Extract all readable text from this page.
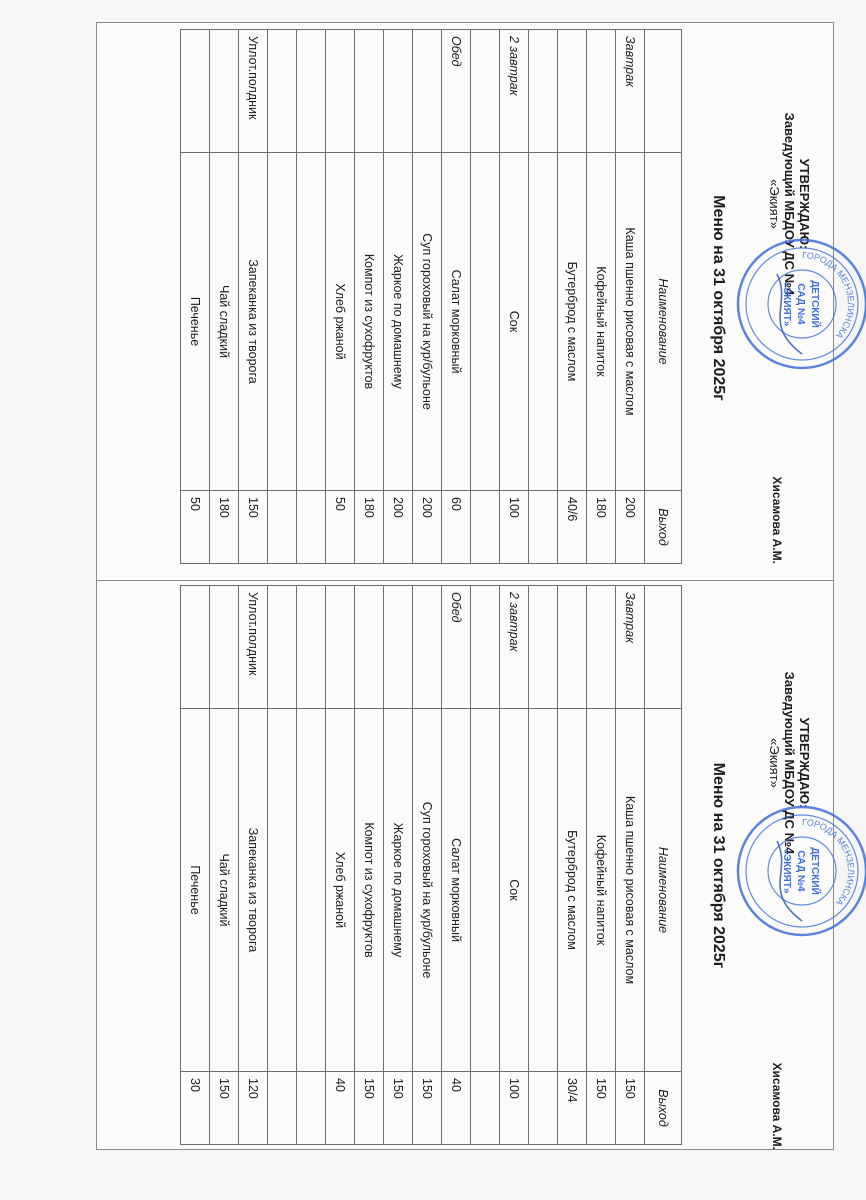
УТВЕРЖДАЮ:
Заведующий МБДОУ ДС №4
«Экият»
Хисамова А.М.
ГОРОДА МЕНЗЕЛИНСКА
ДЕТСКИЙ
САД №4
«ЭКИЯТ»
Меню на 31 октября 2025г
	Наименование	Выход
Завтрак	Каша пшенно рисовая с маслом	200
	Кофейный напиток	180
	Бутерброд с маслом	40/6

2 завтрак	Сок	100

Обед	Салат морковный	60
	Суп гороховый на кур/бульоне	200
	Жаркое по домашнему	200
	Компот из сухофруктов	180
	Хлеб ржаной	50

Уплот.полдник	Запеканка из творога	150
	Чай сладкий	180
	Печенье	50
УТВЕРЖДАЮ:
Заведующий МБДОУ ДС №4
«Экият»
Хисамова А.М.
ГОРОДА МЕНЗЕЛИНСКА
ДЕТСКИЙ
САД №4
«ЭКИЯТ»
Меню на 31 октября 2025г
	Наименование	Выход
Завтрак	Каша пшенно рисовая с маслом	150
	Кофейный напиток	150
	Бутерброд с маслом	30/4

2 завтрак	Сок	100

Обед	Салат морковный	40
	Суп гороховый на кур/бульоне	150
	Жаркое по домашнему	150
	Компот из сухофруктов	150
	Хлеб ржаной	40

Уплот.полдник	Запеканка из творога	120
	Чай сладкий	150
	Печенье	30
